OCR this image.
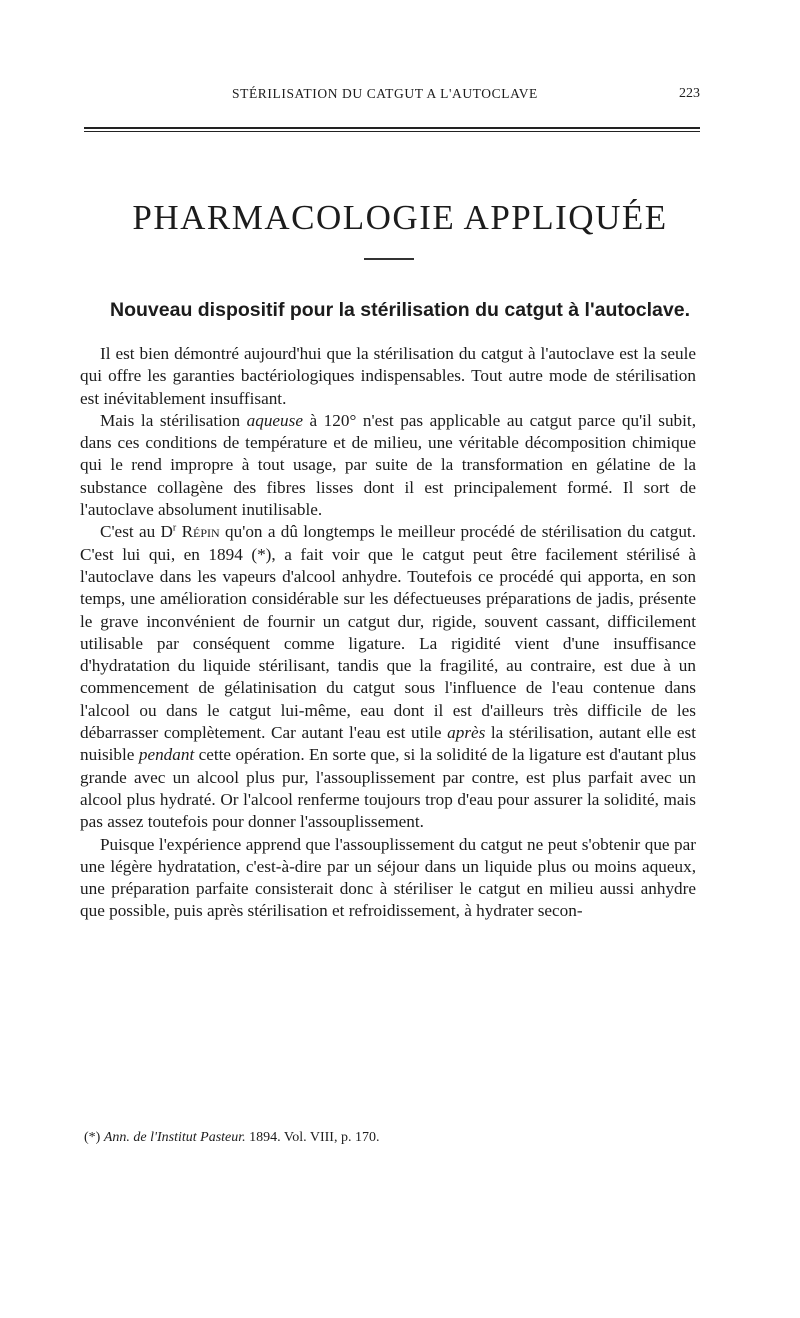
STÉRILISATION DU CATGUT A L'AUTOCLAVE	223
PHARMACOLOGIE APPLIQUÉE
Nouveau dispositif pour la stérilisation du catgut à l'autoclave.

Il est bien démontré aujourd'hui que la stérilisation du catgut à l'autoclave est la seule qui offre les garanties bactériologiques indispensables. Tout autre mode de stérilisation est inévitablement insuffisant.

Mais la stérilisation aqueuse à 120° n'est pas applicable au catgut parce qu'il subit, dans ces conditions de température et de milieu, une véritable décomposition chimique qui le rend impropre à tout usage, par suite de la transformation en gélatine de la substance collagène des fibres lisses dont il est principalement formé. Il sort de l'autoclave absolument inutilisable.

C'est au $D^r$ Répin qu'on a dû longtemps le meilleur procédé de stérilisation du catgut. C'est lui qui, en 1894 (*), a fait voir que le catgut peut être facilement stérilisé à l'autoclave dans les vapeurs d'alcool anhydre. Toutefois ce procédé qui apporta, en son temps, une amélioration considérable sur les défectueuses préparations de jadis, présente le grave inconvénient de fournir un catgut dur, rigide, souvent cassant, difficilement utilisable par conséquent comme ligature. La rigidité vient d'une insuffisance d'hydratation du liquide stérilisant, tandis que la fragilité, au contraire, est due à un commencement de gélatinisation du catgut sous l'influence de l'eau contenue dans l'alcool ou dans le catgut lui-même, eau dont il est d'ailleurs très difficile de les débarrasser complètement. Car autant l'eau est utile après la stérilisation, autant elle est nuisible pendant cette opération. En sorte que, si la solidité de la ligature est d'autant plus grande avec un alcool plus pur, l'assouplissement par contre, est plus parfait avec un alcool plus hydraté. Or l'alcool renferme toujours trop d'eau pour assurer la solidité, mais pas assez toutefois pour donner l'assouplissement.

Puisque l'expérience apprend que l'assouplissement du catgut ne peut s'obtenir que par une légère hydratation, c'est-à-dire par un séjour dans un liquide plus ou moins aqueux, une préparation parfaite consisterait donc à stériliser le catgut en milieu aussi anhydre que possible, puis après stérilisation et refroidissement, à hydrater secon-

(*) Ann. de l'Institut Pasteur. 1894. Vol. VIII, p. 170.
